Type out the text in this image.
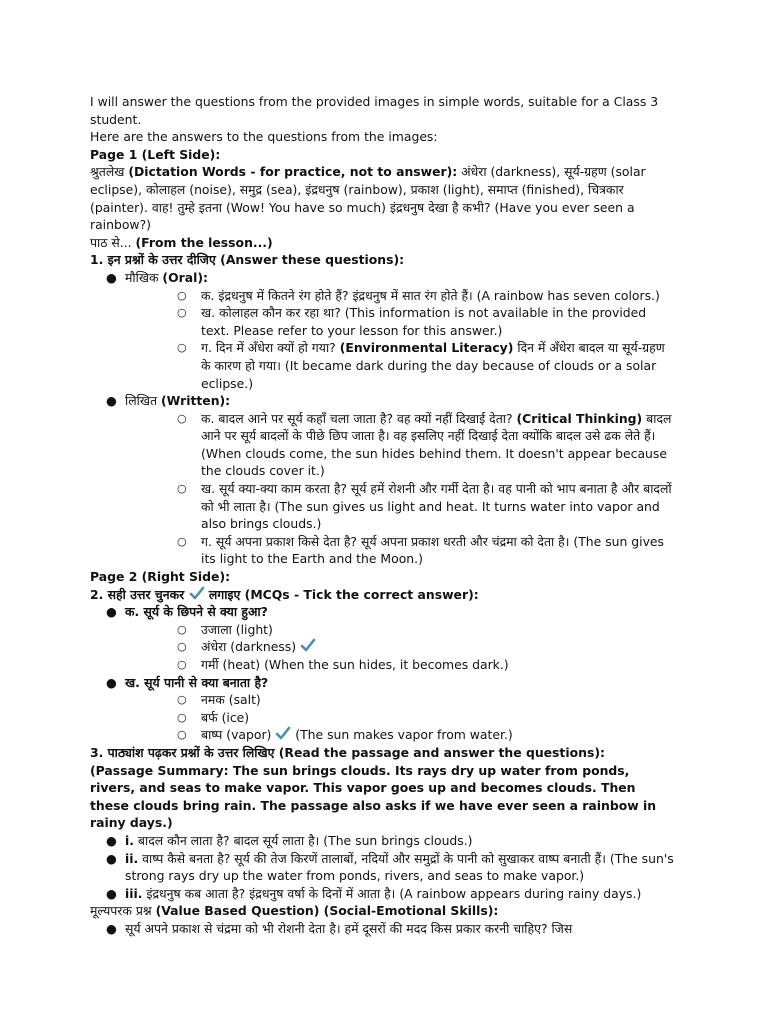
I will answer the questions from the provided images in simple words, suitable for a Class 3 student.

Here are the answers to the questions from the images:

Page 1 (Left Side):

श्रुतलेख (Dictation Words - for practice, not to answer): अंधेरा (darkness), सूर्य-ग्रहण (solar eclipse), कोलाहल (noise), समुद्र (sea), इंद्रधनुष (rainbow), प्रकाश (light), समाप्त (finished), चित्रकार (painter). वाह! तुम्हे इतना (Wow! You have so much) इंद्रधनुष देखा है कभी? (Have you ever seen a rainbow?)

पाठ से... (From the lesson...)

1. इन प्रश्नों के उत्तर दीजिए (Answer these questions):

● मौखिक (Oral):
○ क. इंद्रधनुष में कितने रंग होते हैं? इंद्रधनुष में सात रंग होते हैं। (A rainbow has seven colors.)
○ ख. कोलाहल कौन कर रहा था? (This information is not available in the provided text. Please refer to your lesson for this answer.)
○ ग. दिन में अँधेरा क्यों हो गया? (Environmental Literacy) दिन में अँधेरा बादल या सूर्य-ग्रहण के कारण हो गया। (It became dark during the day because of clouds or a solar eclipse.)
● लिखित (Written):
○ क. बादल आने पर सूर्य कहाँ चला जाता है? वह क्यों नहीं दिखाई देता? (Critical Thinking) बादल आने पर सूर्य बादलों के पीछे छिप जाता है। वह इसलिए नहीं दिखाई देता क्योंकि बादल उसे ढक लेते हैं। (When clouds come, the sun hides behind them. It doesn't appear because the clouds cover it.)
○ ख. सूर्य क्या-क्या काम करता है? सूर्य हमें रोशनी और गर्मी देता है। वह पानी को भाप बनाता है और बादलों को भी लाता है। (The sun gives us light and heat. It turns water into vapor and also brings clouds.)
○ ग. सूर्य अपना प्रकाश किसे देता है? सूर्य अपना प्रकाश धरती और चंद्रमा को देता है। (The sun gives its light to the Earth and the Moon.)

Page 2 (Right Side):

2. सही उत्तर चुनकर
लगाइए (MCQs - Tick the correct answer):

● क. सूर्य के छिपने से क्या हुआ?
○ उजाला (light)
○ अंधेरा (darkness)
○ गर्मी (heat) (When the sun hides, it becomes dark.)
● ख. सूर्य पानी से क्या बनाता है?
○ नमक (salt)
○ बर्फ (ice)
○ बाष्प (vapor)
(The sun makes vapor from water.)

3. पाठ्यांश पढ़कर प्रश्नों के उत्तर लिखिए (Read the passage and answer the questions):

(Passage Summary: The sun brings clouds. Its rays dry up water from ponds, rivers, and seas to make vapor. This vapor goes up and becomes clouds. Then these clouds bring rain. The passage also asks if we have ever seen a rainbow in rainy days.)

● i. बादल कौन लाता है? बादल सूर्य लाता है। (The sun brings clouds.)
● ii. वाष्प कैसे बनता है? सूर्य की तेज किरणें तालाबों, नदियों और समुद्रों के पानी को सुखाकर वाष्प बनाती हैं। (The sun's strong rays dry up the water from ponds, rivers, and seas to make vapor.)
● iii. इंद्रधनुष कब आता है? इंद्रधनुष वर्षा के दिनों में आता है। (A rainbow appears during rainy days.)

मूल्यपरक प्रश्न (Value Based Question) (Social-Emotional Skills):

● सूर्य अपने प्रकाश से चंद्रमा को भी रोशनी देता है। हमें दूसरों की मदद किस प्रकार करनी चाहिए? जिस
